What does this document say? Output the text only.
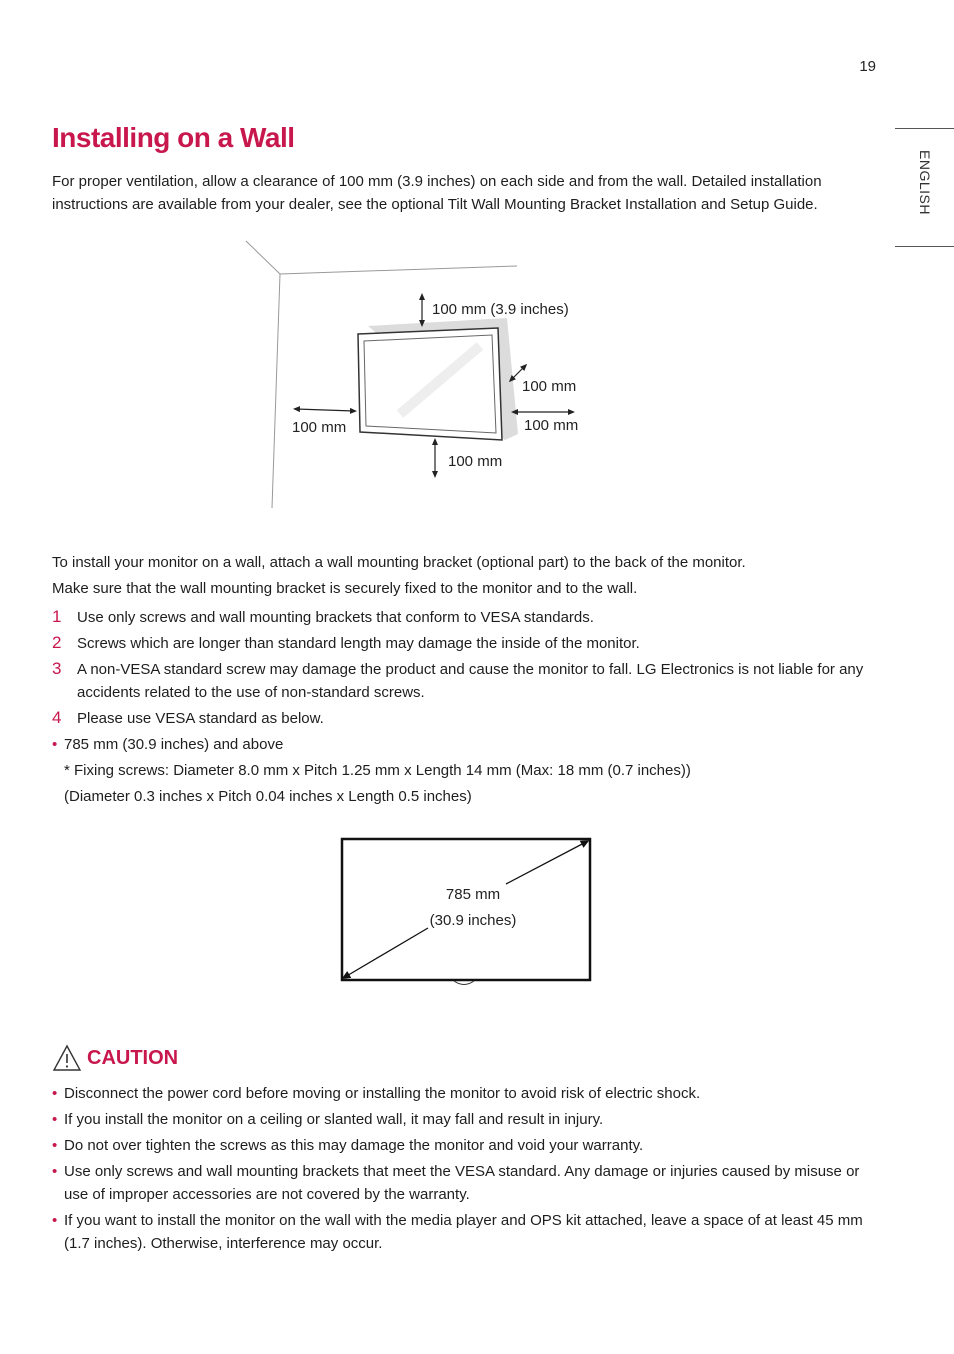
19
ENGLISH
Installing on a Wall
For proper ventilation, allow a clearance of 100 mm (3.9 inches) on each side and from the wall. Detailed installation instructions are available from your dealer, see the optional Tilt Wall Mounting Bracket Installation and Setup Guide.
100 mm (3.9 inches)
100 mm
100 mm	100 mm
100 mm
To install your monitor on a wall, attach a wall mounting bracket (optional part) to the back of the monitor.
Make sure that the wall mounting bracket is securely fixed to the monitor and to the wall.
1 Use only screws and wall mounting brackets that conform to VESA standards.
2 Screws which are longer than standard length may damage the inside of the monitor.
3 A non-VESA standard screw may damage the product and cause the monitor to fall. LG Electronics is not liable for any accidents related to the use of non-standard screws.
4 Please use VESA standard as below.
• 785 mm (30.9 inches) and above
* Fixing screws: Diameter 8.0 mm x Pitch 1.25 mm x Length 14 mm (Max: 18 mm (0.7 inches))
(Diameter 0.3 inches x Pitch 0.04 inches x Length 0.5 inches)
785 mm
(30.9 inches)
CAUTION
• Disconnect the power cord before moving or installing the monitor to avoid risk of electric shock.
• If you install the monitor on a ceiling or slanted wall, it may fall and result in injury.
• Do not over tighten the screws as this may damage the monitor and void your warranty.
• Use only screws and wall mounting brackets that meet the VESA standard. Any damage or injuries caused by misuse or use of improper accessories are not covered by the warranty.
• If you want to install the monitor on the wall with the media player and OPS kit attached, leave a space of at least 45 mm (1.7 inches). Otherwise, interference may occur.
